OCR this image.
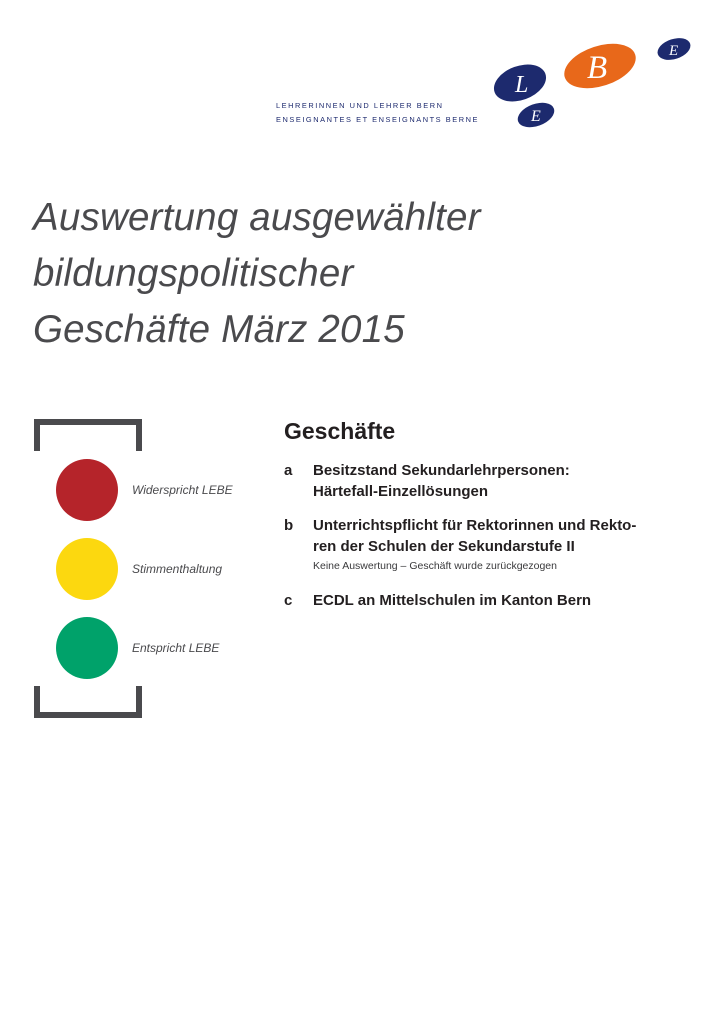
L B
E
E
LEHRERINNEN UND LEHRER BERN
ENSEIGNANTES ET ENSEIGNANTS BERNE
Auswertung ausgewählter
bildungspolitischer
Geschäfte März 2015
Widerspricht LEBE
Stimmenthaltung
Entspricht LEBE
Geschäfte
a Besitzstand Sekundarlehrpersonen:
Härtefall-Einzellösungen
b Unterrichtspflicht für Rektorinnen und Rekto-
ren der Schulen der Sekundarstufe II
Keine Auswertung – Geschäft wurde zurückgezogen
c ECDL an Mittelschulen im Kanton Bern
